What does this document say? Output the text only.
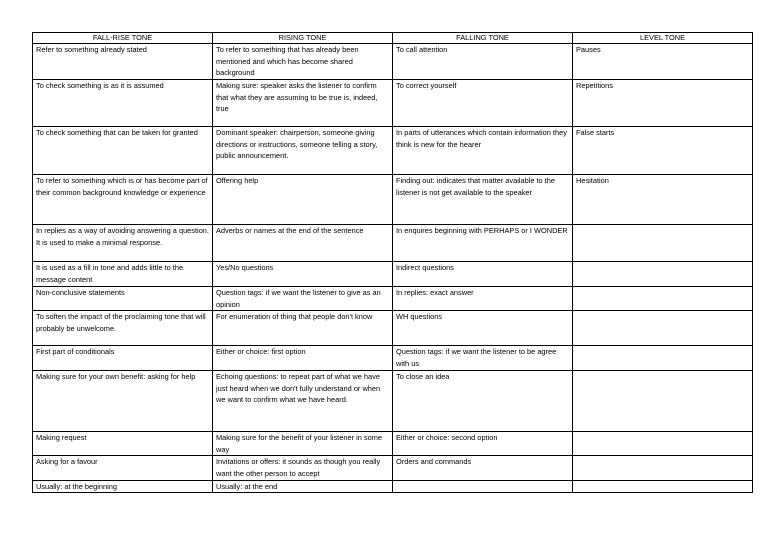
FALL-RISE TONE	RISING TONE	FALLING TONE	LEVEL TONE
Refer to something already stated	To refer to something that has already been mentioned and which has become shared background	To call attention	Pauses
To check something is as it is assumed	Making sure: speaker asks the listener to confirm that what they are assuming to be true is, indeed, true	To correct yourself	Repetitions
To check something that can be taken for granted	Dominant speaker: chairperson, someone giving directions or instructions, someone telling a story, public announcement.	In parts of utterances which contain information they think is new for the hearer	False starts
To refer to something which is or has become part of their common background knowledge or experience	Offering help	Finding out: indicates that matter available to the listener is not get available to the speaker	Hesitation
In replies as a way of avoiding answering a question. It is used to make a minimal response.	Adverbs or names at the end of the sentence	In enquires beginning with PERHAPS or I WONDER	
It is used as a fill in tone and adds little to the message content	Yes/No questions	Indirect questions	
Non-conclusive statements	Question tags: if we want the listener to give as an opinion	In replies: exact answer	
To soften the impact of the proclaiming tone that will probably be unwelcome.	For enumeration of thing that people don't know	WH questions	
First part of conditionals	Either or choice: first option	Question tags: if we want the listener to be agree with us	
Making sure for your own benefit: asking for help	Echoing questions: to repeat part of what we have just heard when we don't fully understand or when we want to confirm what we have heard.	To close an idea	
Making request	Making sure for the benefit of your listener in some way	Either or choice: second option	
Asking for a favour	Invitations or offers: it sounds as though you really want the other person to accept	Orders and commands	
Usually: at the beginning	Usually: at the end		
